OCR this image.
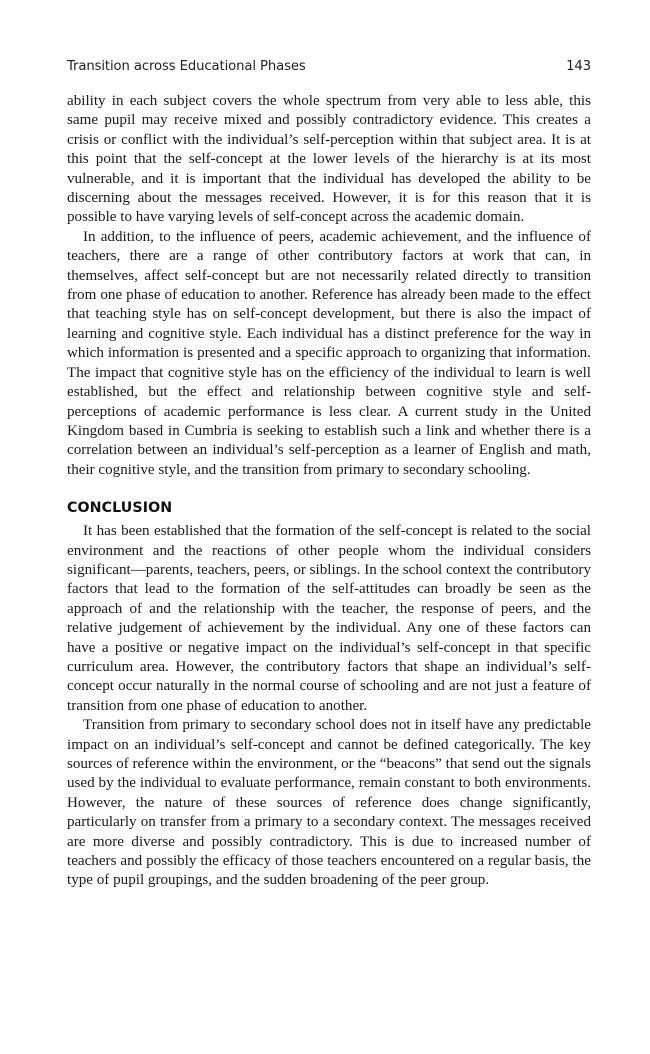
Transition across Educational Phases	143

ability in each subject covers the whole spectrum from very able to less able, this same pupil may receive mixed and possibly contradictory evidence. This creates a crisis or conflict with the individual’s self-perception within that subject area. It is at this point that the self-concept at the lower levels of the hierarchy is at its most vulnerable, and it is important that the individual has developed the ability to be discerning about the messages received. However, it is for this reason that it is possible to have varying levels of self-concept across the academic domain.

In addition, to the influence of peers, academic achievement, and the influence of teachers, there are a range of other contributory factors at work that can, in themselves, affect self-concept but are not necessarily related directly to transition from one phase of education to another. Reference has already been made to the effect that teaching style has on self-concept development, but there is also the impact of learning and cognitive style. Each individual has a distinct preference for the way in which information is presented and a specific approach to organizing that information. The impact that cognitive style has on the efficiency of the individual to learn is well established, but the effect and relationship between cognitive style and self-perceptions of academic performance is less clear. A current study in the United Kingdom based in Cumbria is seeking to establish such a link and whether there is a correlation between an individual’s self-perception as a learner of English and math, their cognitive style, and the transition from primary to secondary schooling.

CONCLUSION

It has been established that the formation of the self-concept is related to the social environment and the reactions of other people whom the individual considers significant—parents, teachers, peers, or siblings. In the school context the contributory factors that lead to the formation of the self-attitudes can broadly be seen as the approach of and the relationship with the teacher, the response of peers, and the relative judgement of achievement by the individual. Any one of these factors can have a positive or negative impact on the individual’s self-concept in that specific curriculum area. However, the contributory factors that shape an individual’s self-concept occur naturally in the normal course of schooling and are not just a feature of transition from one phase of education to another.

Transition from primary to secondary school does not in itself have any predictable impact on an individual’s self-concept and cannot be defined categorically. The key sources of reference within the environment, or the “beacons” that send out the signals used by the individual to evaluate performance, remain constant to both environments. However, the nature of these sources of reference does change significantly, particularly on transfer from a primary to a secondary context. The messages received are more diverse and possibly contradictory. This is due to increased number of teachers and possibly the efficacy of those teachers encountered on a regular basis, the type of pupil groupings, and the sudden broadening of the peer group.
